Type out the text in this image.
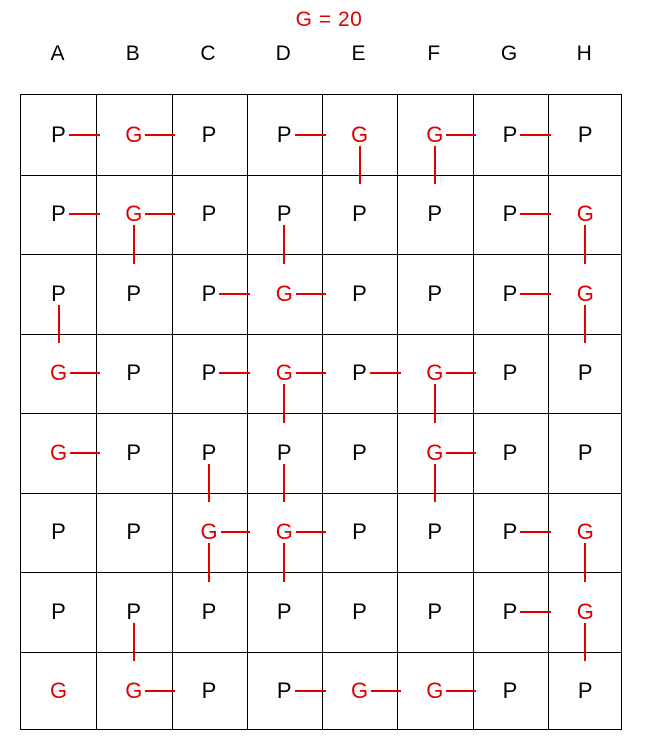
G = 20
A	B	C	D	E	F	G	H
P	G	P	P	G	G	P	P
P	G	P	P	P	P	P	G
P	P	P	G	P	P	P	G
G	P	P	G	P	G	P	P
G	P	P	P	P	G	P	P
P	P	G	G	P	P	P	G
P	P	P	P	P	P	P	G
G	G	P	P	G	G	P	P
